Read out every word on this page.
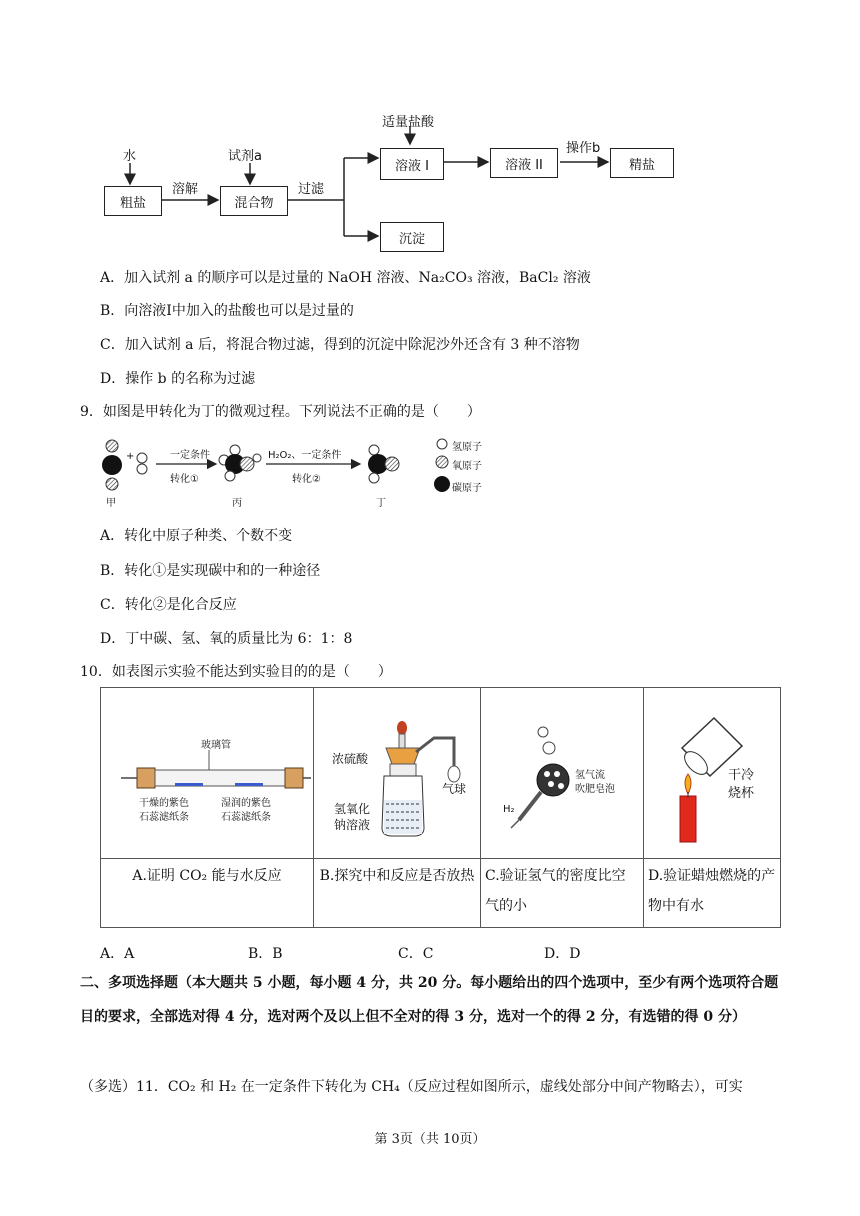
水
粗盐
溶解
试剂a
混合物
过滤
适量盐酸
溶液 I
沉淀
溶液 II
操作b
精盐
A．加入试剂 a 的顺序可以是过量的 NaOH 溶液、Na₂CO₃ 溶液，BaCl₂ 溶液
B．向溶液Ⅰ中加入的盐酸也可以是过量的
C．加入试剂 a 后，将混合物过滤，得到的沉淀中除泥沙外还含有 3 种不溶物
D．操作 b 的名称为过滤
9．如图是甲转化为丁的微观过程。下列说法不正确的是（　　）
+	一定条件
转化①
H₂O₂、一定条件
转化②
甲	丙	丁
氢原子
氧原子
碳原子
A．转化中原子种类、个数不变
B．转化①是实现碳中和的一种途径
C．转化②是化合反应
D．丁中碳、氢、氧的质量比为 6：1：8
10．如表图示实验不能达到实验目的的是（　　）
玻璃管
干燥的紫色
石蕊滤纸条
湿润的紫色
石蕊滤纸条	浓硫酸
气球
氢氧化
钠溶液	氢气流
吹肥皂泡
H₂	干冷
烧杯

A.证明 CO₂ 能与水反应	B.探究中和反应是否放热	C.验证氢气的密度比空气的小	D.验证蜡烛燃烧的产物中有水
A．A	B．B	C．C	D．D
二、多项选择题（本大题共 5 小题，每小题 4 分，共 20 分。每小题给出的四个选项中，至少有两个选项符合题目的要求，全部选对得 4 分，选对两个及以上但不全对的得 3 分，选对一个的得 2 分，有选错的得 0 分）
（多选）11．CO₂ 和 H₂ 在一定条件下转化为 CH₄（反应过程如图所示，虚线处部分中间产物略去），可实
第 3页（共 10页）
